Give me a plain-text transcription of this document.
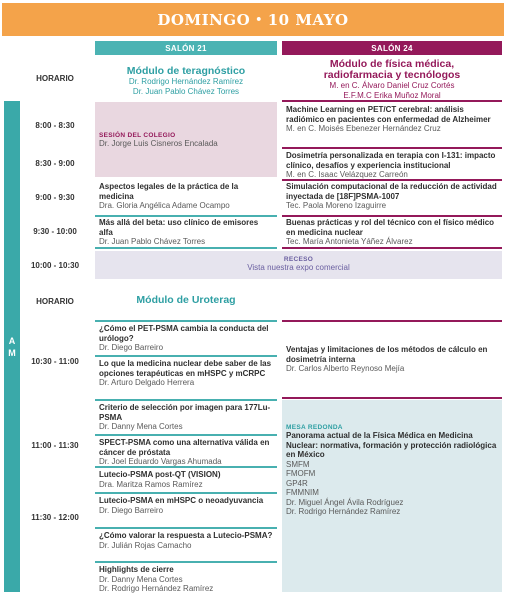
DOMINGO • 10 MAYO
SALÓN 21	SALÓN 24
HORARIO
Módulo de teragnóstico
Dr. Rodrigo Hernández Ramírez
Dr. Juan Pablo Chávez Torres
Módulo de física médica,
radiofarmacia y tecnólogos
M. en C. Álvaro Daniel Cruz Cortés
E.F.M.C Erika Muñoz Moral
A
M
8:00 - 8:30
8:30 - 9:00
9:00 - 9:30
9:30 - 10:00
10:00 - 10:30
HORARIO
10:30 - 11:00
11:00 - 11:30
11:30 - 12:00
SESIÓN DEL COLEGIO
Dr. Jorge Luis Cisneros Encalada
Aspectos legales de la práctica de la medicina
Dra. Gloria Angélica Adame Ocampo
Más allá del beta: uso clínico de emisores alfa
Dr. Juan Pablo Chávez Torres
Machine Learning en PET/CT cerebral: análisis radiómico en pacientes con enfermedad de Alzheimer
M. en C. Moisés Ebenezer Hernández Cruz
Dosimetría personalizada en terapia con I-131: impacto clínico, desafíos y experiencia institucional
M. en C. Isaac Velázquez Carreón
Simulación computacional de la reducción de actividad inyectada de [18F]PSMA-1007
Tec. Paola Moreno Izaguirre
Buenas prácticas y rol del técnico con el físico médico en medicina nuclear
Tec. María Antonieta Yáñez Álvarez
RECESO
Vista nuestra expo comercial
Módulo de Uroterag
¿Cómo el PET-PSMA cambia la conducta del urólogo?
Dr. Diego Barreiro
Lo que la medicina nuclear debe saber de las opciones terapéuticas en mHSPC y mCRPC
Dr. Arturo Delgado Herrera
Criterio de selección por imagen para 177Lu-PSMA
Dr. Danny Mena Cortes
SPECT-PSMA como una alternativa válida en cáncer de próstata
Dr. Joel Eduardo Vargas Ahumada
Lutecio-PSMA post-QT (VISION)
Dra. Maritza Ramos Ramírez
Lutecio-PSMA en mHSPC o neoadyuvancia
Dr. Diego Barreiro
¿Cómo valorar la respuesta a Lutecio-PSMA?
Dr. Julián Rojas Camacho
Highlights de cierre
Dr. Danny Mena Cortes
Dr. Rodrigo Hernández Ramírez
Ventajas y limitaciones de los métodos de cálculo en dosimetría interna
Dr. Carlos Alberto Reynoso Mejía
MESA REDONDA
Panorama actual de la Física Médica en Medicina Nuclear: normativa, formación y protección radiológica en México
SMFM
FMOFM
GP4R
FMMNIM
Dr. Miguel Ángel Ávila Rodríguez
Dr. Rodrigo Hernández Ramírez
